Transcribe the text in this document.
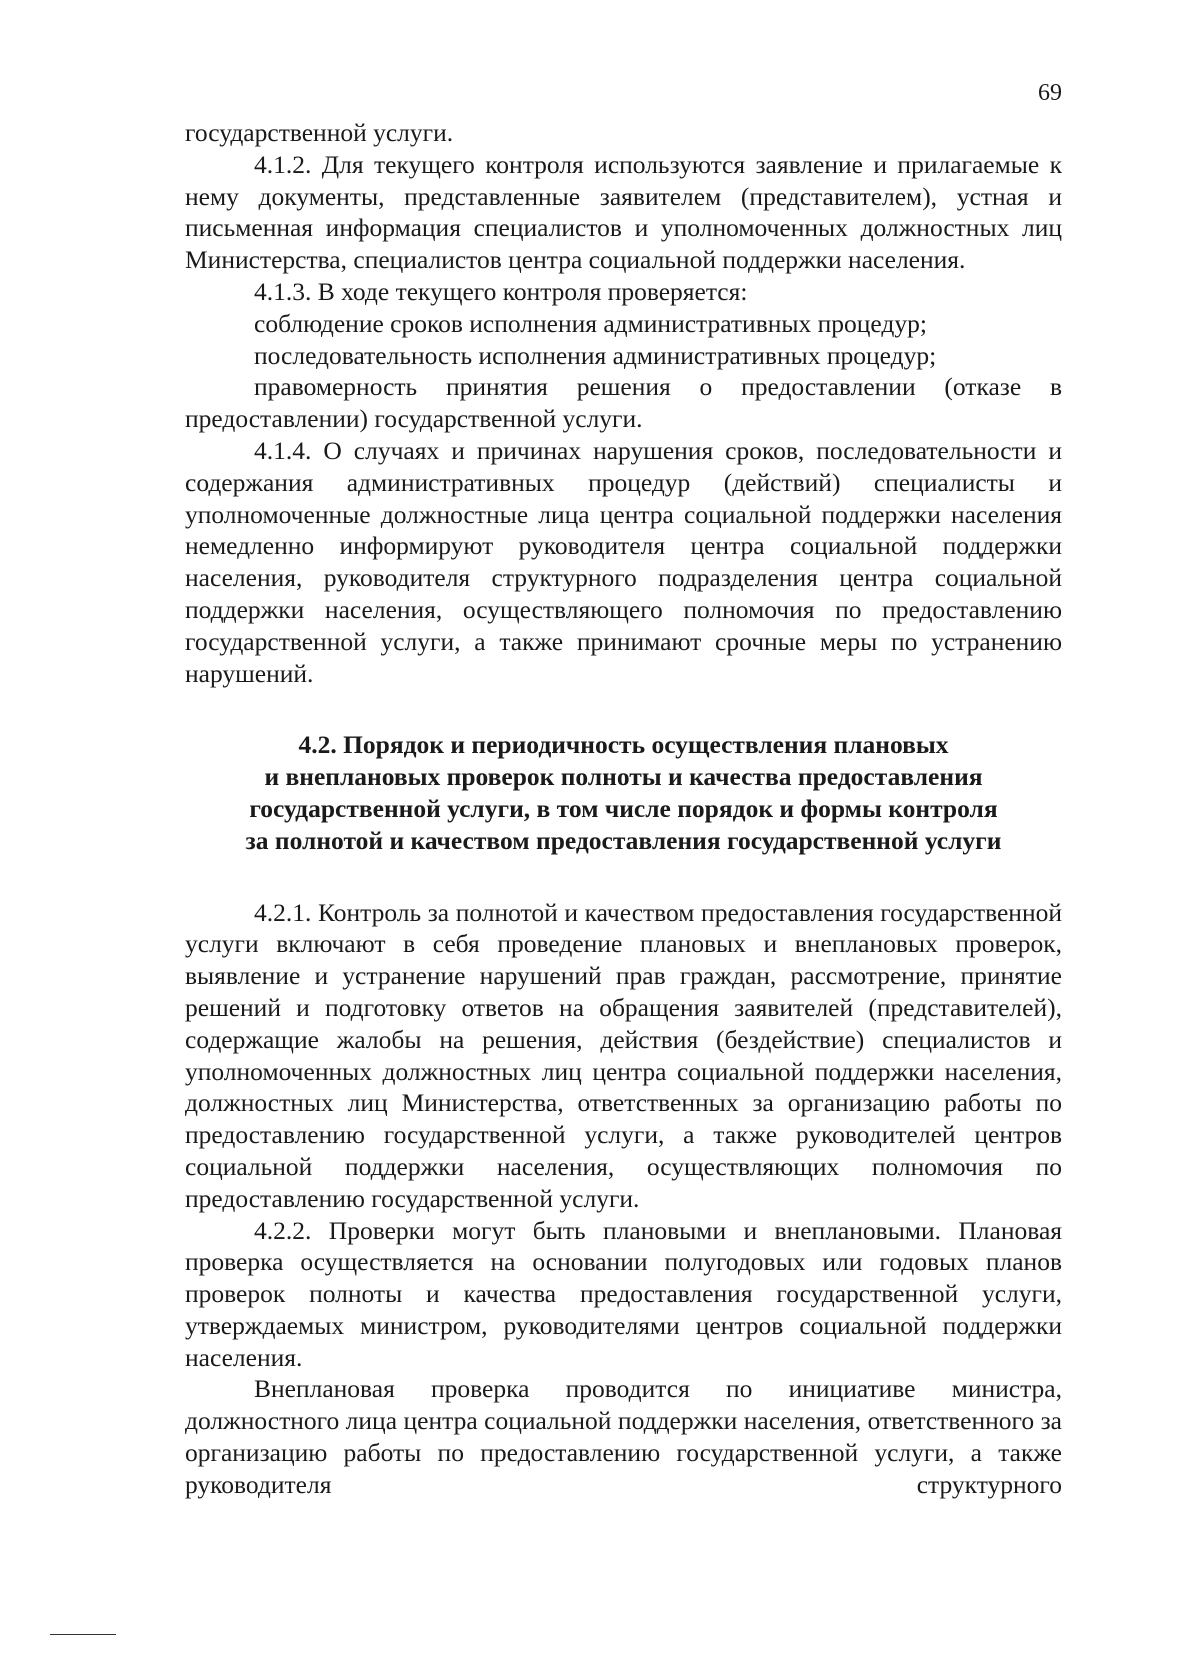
69

государственной услуги.

4.1.2. Для текущего контроля используются заявление и прилагаемые к нему документы, представленные заявителем (представителем), устная и письменная информация специалистов и уполномоченных должностных лиц Министерства, специалистов центра социальной поддержки населения.

4.1.3. В ходе текущего контроля проверяется:

соблюдение сроков исполнения административных процедур;

последовательность исполнения административных процедур;

правомерность принятия решения о предоставлении (отказе в предоставлении) государственной услуги.

4.1.4. О случаях и причинах нарушения сроков, последовательности и содержания административных процедур (действий) специалисты и уполномоченные должностные лица центра социальной поддержки населения немедленно информируют руководителя центра социальной поддержки населения, руководителя структурного подразделения центра социальной поддержки населения, осуществляющего полномочия по предоставлению государственной услуги, а также принимают срочные меры по устранению нарушений.

4.2. Порядок и периодичность осуществления плановых
и внеплановых проверок полноты и качества предоставления
государственной услуги, в том числе порядок и формы контроля
за полнотой и качеством предоставления государственной услуги

4.2.1. Контроль за полнотой и качеством предоставления государственной услуги включают в себя проведение плановых и внеплановых проверок, выявление и устранение нарушений прав граждан, рассмотрение, принятие решений и подготовку ответов на обращения заявителей (представителей), содержащие жалобы на решения, действия (бездействие) специалистов и уполномоченных должностных лиц центра социальной поддержки населения, должностных лиц Министерства, ответственных за организацию работы по предоставлению государственной услуги, а также руководителей центров социальной поддержки населения, осуществляющих полномочия по предоставлению государственной услуги.

4.2.2. Проверки могут быть плановыми и внеплановыми. Плановая проверка осуществляется на основании полугодовых или годовых планов проверок полноты и качества предоставления государственной услуги, утверждаемых министром, руководителями центров социальной поддержки населения.

Внеплановая проверка проводится по инициативе министра, должностного лица центра социальной поддержки населения, ответственного за организацию работы по предоставлению государственной услуги, а также руководителя структурного
